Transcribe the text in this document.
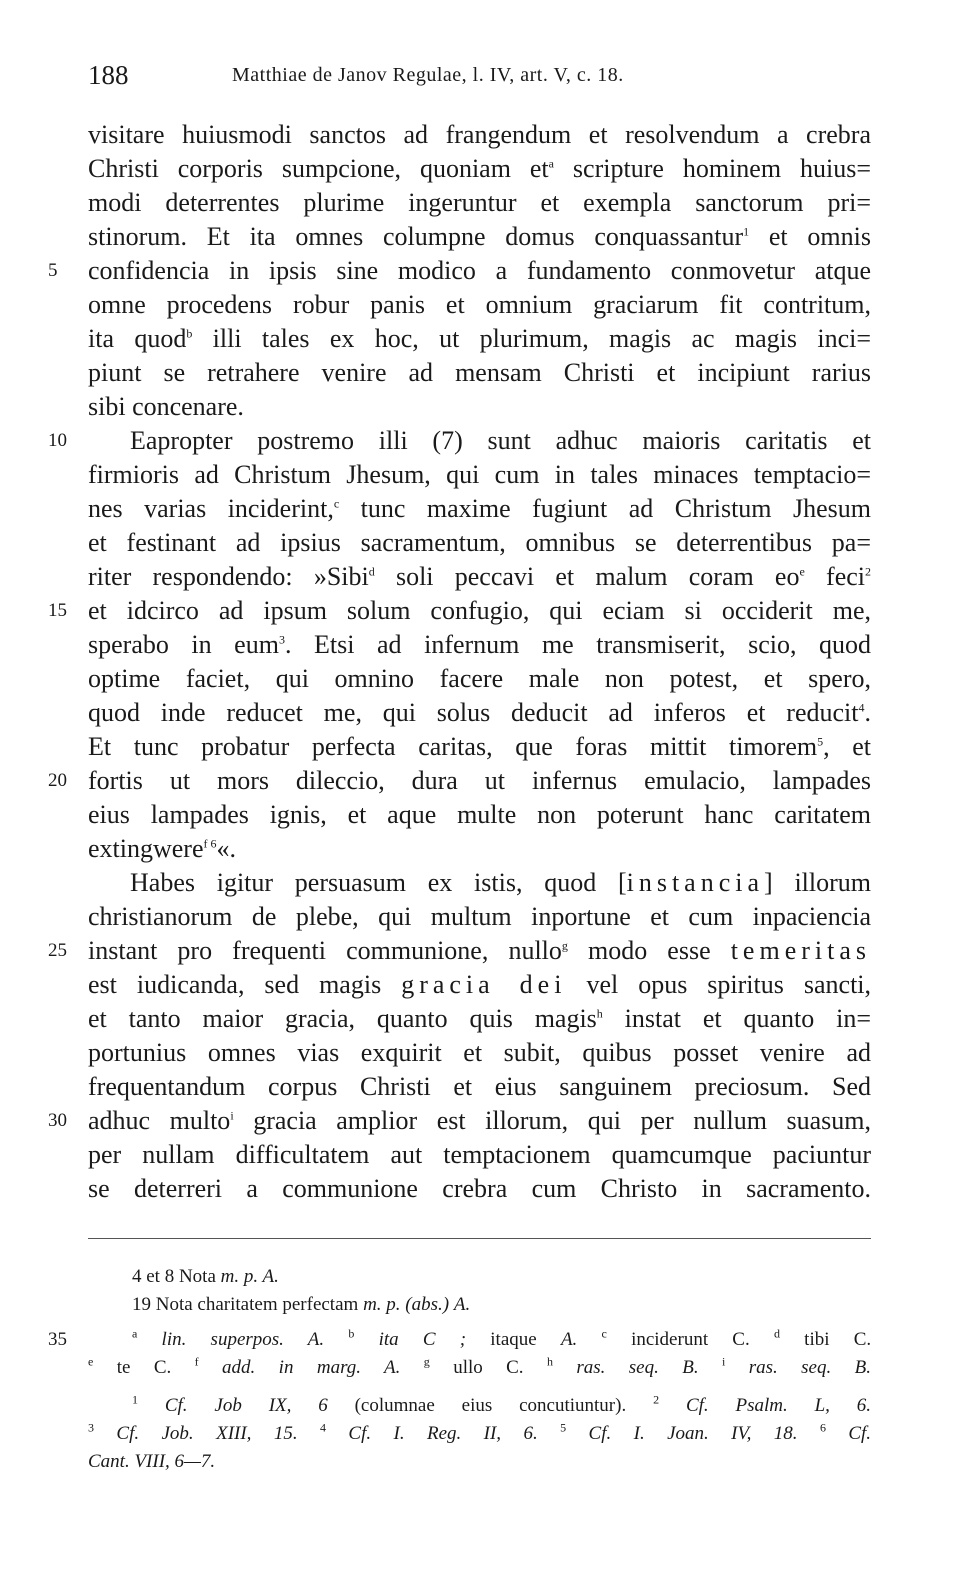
188	Matthiae de Janov Regulae, l. IV, art. V, c. 18.
visitare huiusmodi sanctos ad frangendum et resolvendum a crebra
Christi corporis sumpcione, quoniam $et^a$ scripture hominem huius=
modi deterrentes plurime ingeruntur et exempla sanctorum pri=
stinorum. Et ita omnes columpne domus conquassantur$^1$ et omnis
confidencia in ipsis sine modico a fundamento conmovetur atque
omne procedens robur panis et omnium graciarum fit contritum,
ita quod$^b$ illi tales ex hoc, ut plurimum, magis ac magis inci=
piunt se retrahere venire ad mensam Christi et incipiunt rarius
sibi concenare.
Eapropter postremo illi (7) sunt adhuc maioris caritatis et
firmioris ad Christum Jhesum, qui cum in tales minaces temptacio=
nes varias inciderint,$^c$ tunc maxime fugiunt ad Christum Jhesum
et festinant ad ipsius sacramentum, omnibus se deterrentibus pa=
riter respondendo: »Sibi$^d$ soli peccavi et malum coram $eo^e$ feci$^2$
et idcirco ad ipsum solum confugio, qui eciam si occiderit me,
sperabo in eum$^3$. Etsi ad infernum me transmiserit, scio, quod
optime faciet, qui omnino facere male non potest, et spero,
quod inde reducet me, qui solus deducit ad inferos et reducit$^4$.
Et tunc probatur perfecta caritas, que foras mittit timorem$^5$, et
fortis ut mors dileccio, dura ut infernus emulacio, lampades
eius lampades ignis, et aque multe non poterunt hanc caritatem
extingwere$^{f 6}$«.
Habes igitur persuasum ex istis, quod [instancia] illorum
christianorum de plebe, qui multum inportune et cum inpaciencia
instant pro frequenti communione, nullo$^g$ modo esse temeritas
est iudicanda, sed magis gracia dei vel opus spiritus sancti,
et tanto maior gracia, quanto quis magis$^h$ instat et quanto in=
portunius omnes vias exquirit et subit, quibus posset venire ad
frequentandum corpus Christi et eius sanguinem preciosum. Sed
adhuc multo$^i$ gracia amplior est illorum, qui per nullum suasum,
per nullam difficultatem aut temptacionem quamcumque paciuntur
se deterreri a communione crebra cum Christo in sacramento.
5
10
15
20
25
30
4 et 8 Nota m. p. A.
19 Nota charitatem perfectam m. p. (abs.) A.
35	$^a$ lin. superpos. A. $^b$ ita C ; itaque A. $^c$ inciderunt C. $^d$ tibi C.
$^e$ te C. $^f$ add. in marg. A. $^g$ ullo C. $^h$ ras. seq. B. $^i$ ras. seq. B.
$^1$ Cf. Job IX, 6 (columnae eius concutiuntur). $^2$ Cf. Psalm. L, 6.
$^3$ Cf. Job. XIII, 15. $^4$ Cf. I. Reg. II, 6. $^5$ Cf. I. Joan. IV, 18. $^6$ Cf.
Cant. VIII, 6—7.
